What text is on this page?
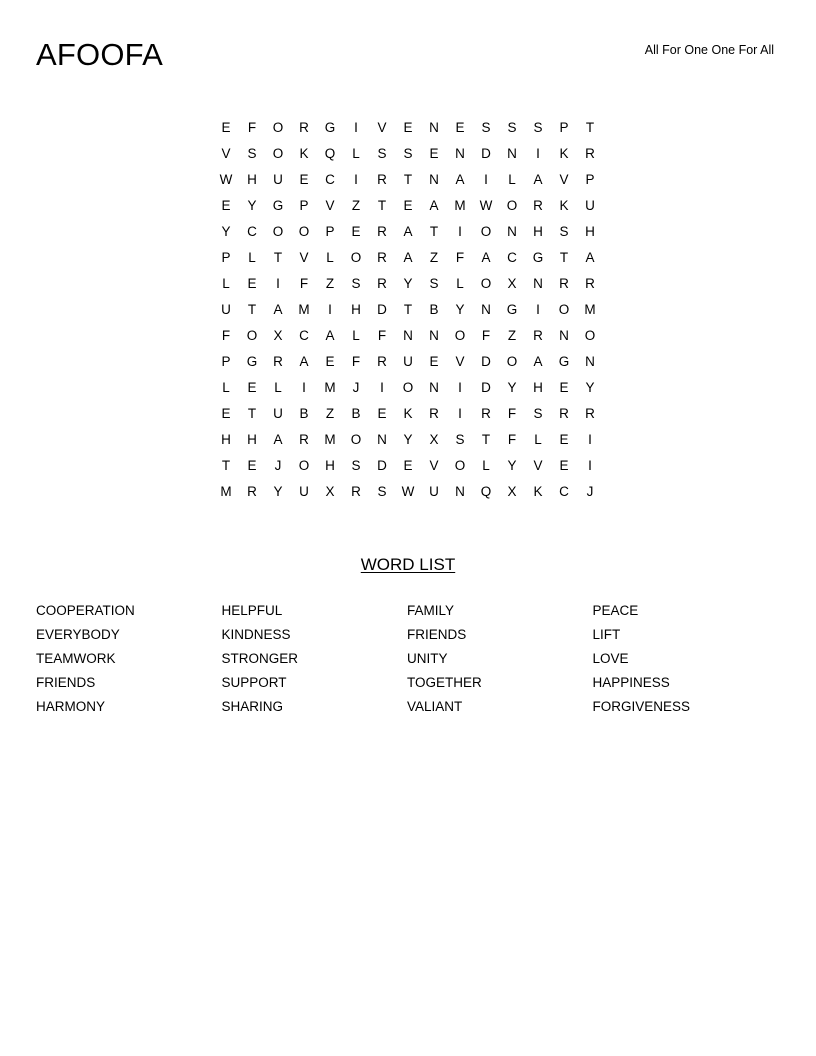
AFOOFA	All For One One For All
E	F	O	R	G	I	V	E	N	E	S	S	S	P	T
V	S	O	K	Q	L	S	S	E	N	D	N	I	K	R
W	H	U	E	C	I	R	T	N	A	I	L	A	V	P
E	Y	G	P	V	Z	T	E	A	M	W	O	R	K	U
Y	C	O	O	P	E	R	A	T	I	O	N	H	S	H
P	L	T	V	L	O	R	A	Z	F	A	C	G	T	A
L	E	I	F	Z	S	R	Y	S	L	O	X	N	R	R
U	T	A	M	I	H	D	T	B	Y	N	G	I	O	M
F	O	X	C	A	L	F	N	N	O	F	Z	R	N	O
P	G	R	A	E	F	R	U	E	V	D	O	A	G	N
L	E	L	I	M	J	I	O	N	I	D	Y	H	E	Y
E	T	U	B	Z	B	E	K	R	I	R	F	S	R	R
H	H	A	R	M	O	N	Y	X	S	T	F	L	E	I
T	E	J	O	H	S	D	E	V	O	L	Y	V	E	I
M	R	Y	U	X	R	S	W	U	N	Q	X	K	C	J
WORD LIST
COOPERATION	HELPFUL	FAMILY	PEACE
EVERYBODY	KINDNESS	FRIENDS	LIFT
TEAMWORK	STRONGER	UNITY	LOVE
FRIENDS	SUPPORT	TOGETHER	HAPPINESS
HARMONY	SHARING	VALIANT	FORGIVENESS
